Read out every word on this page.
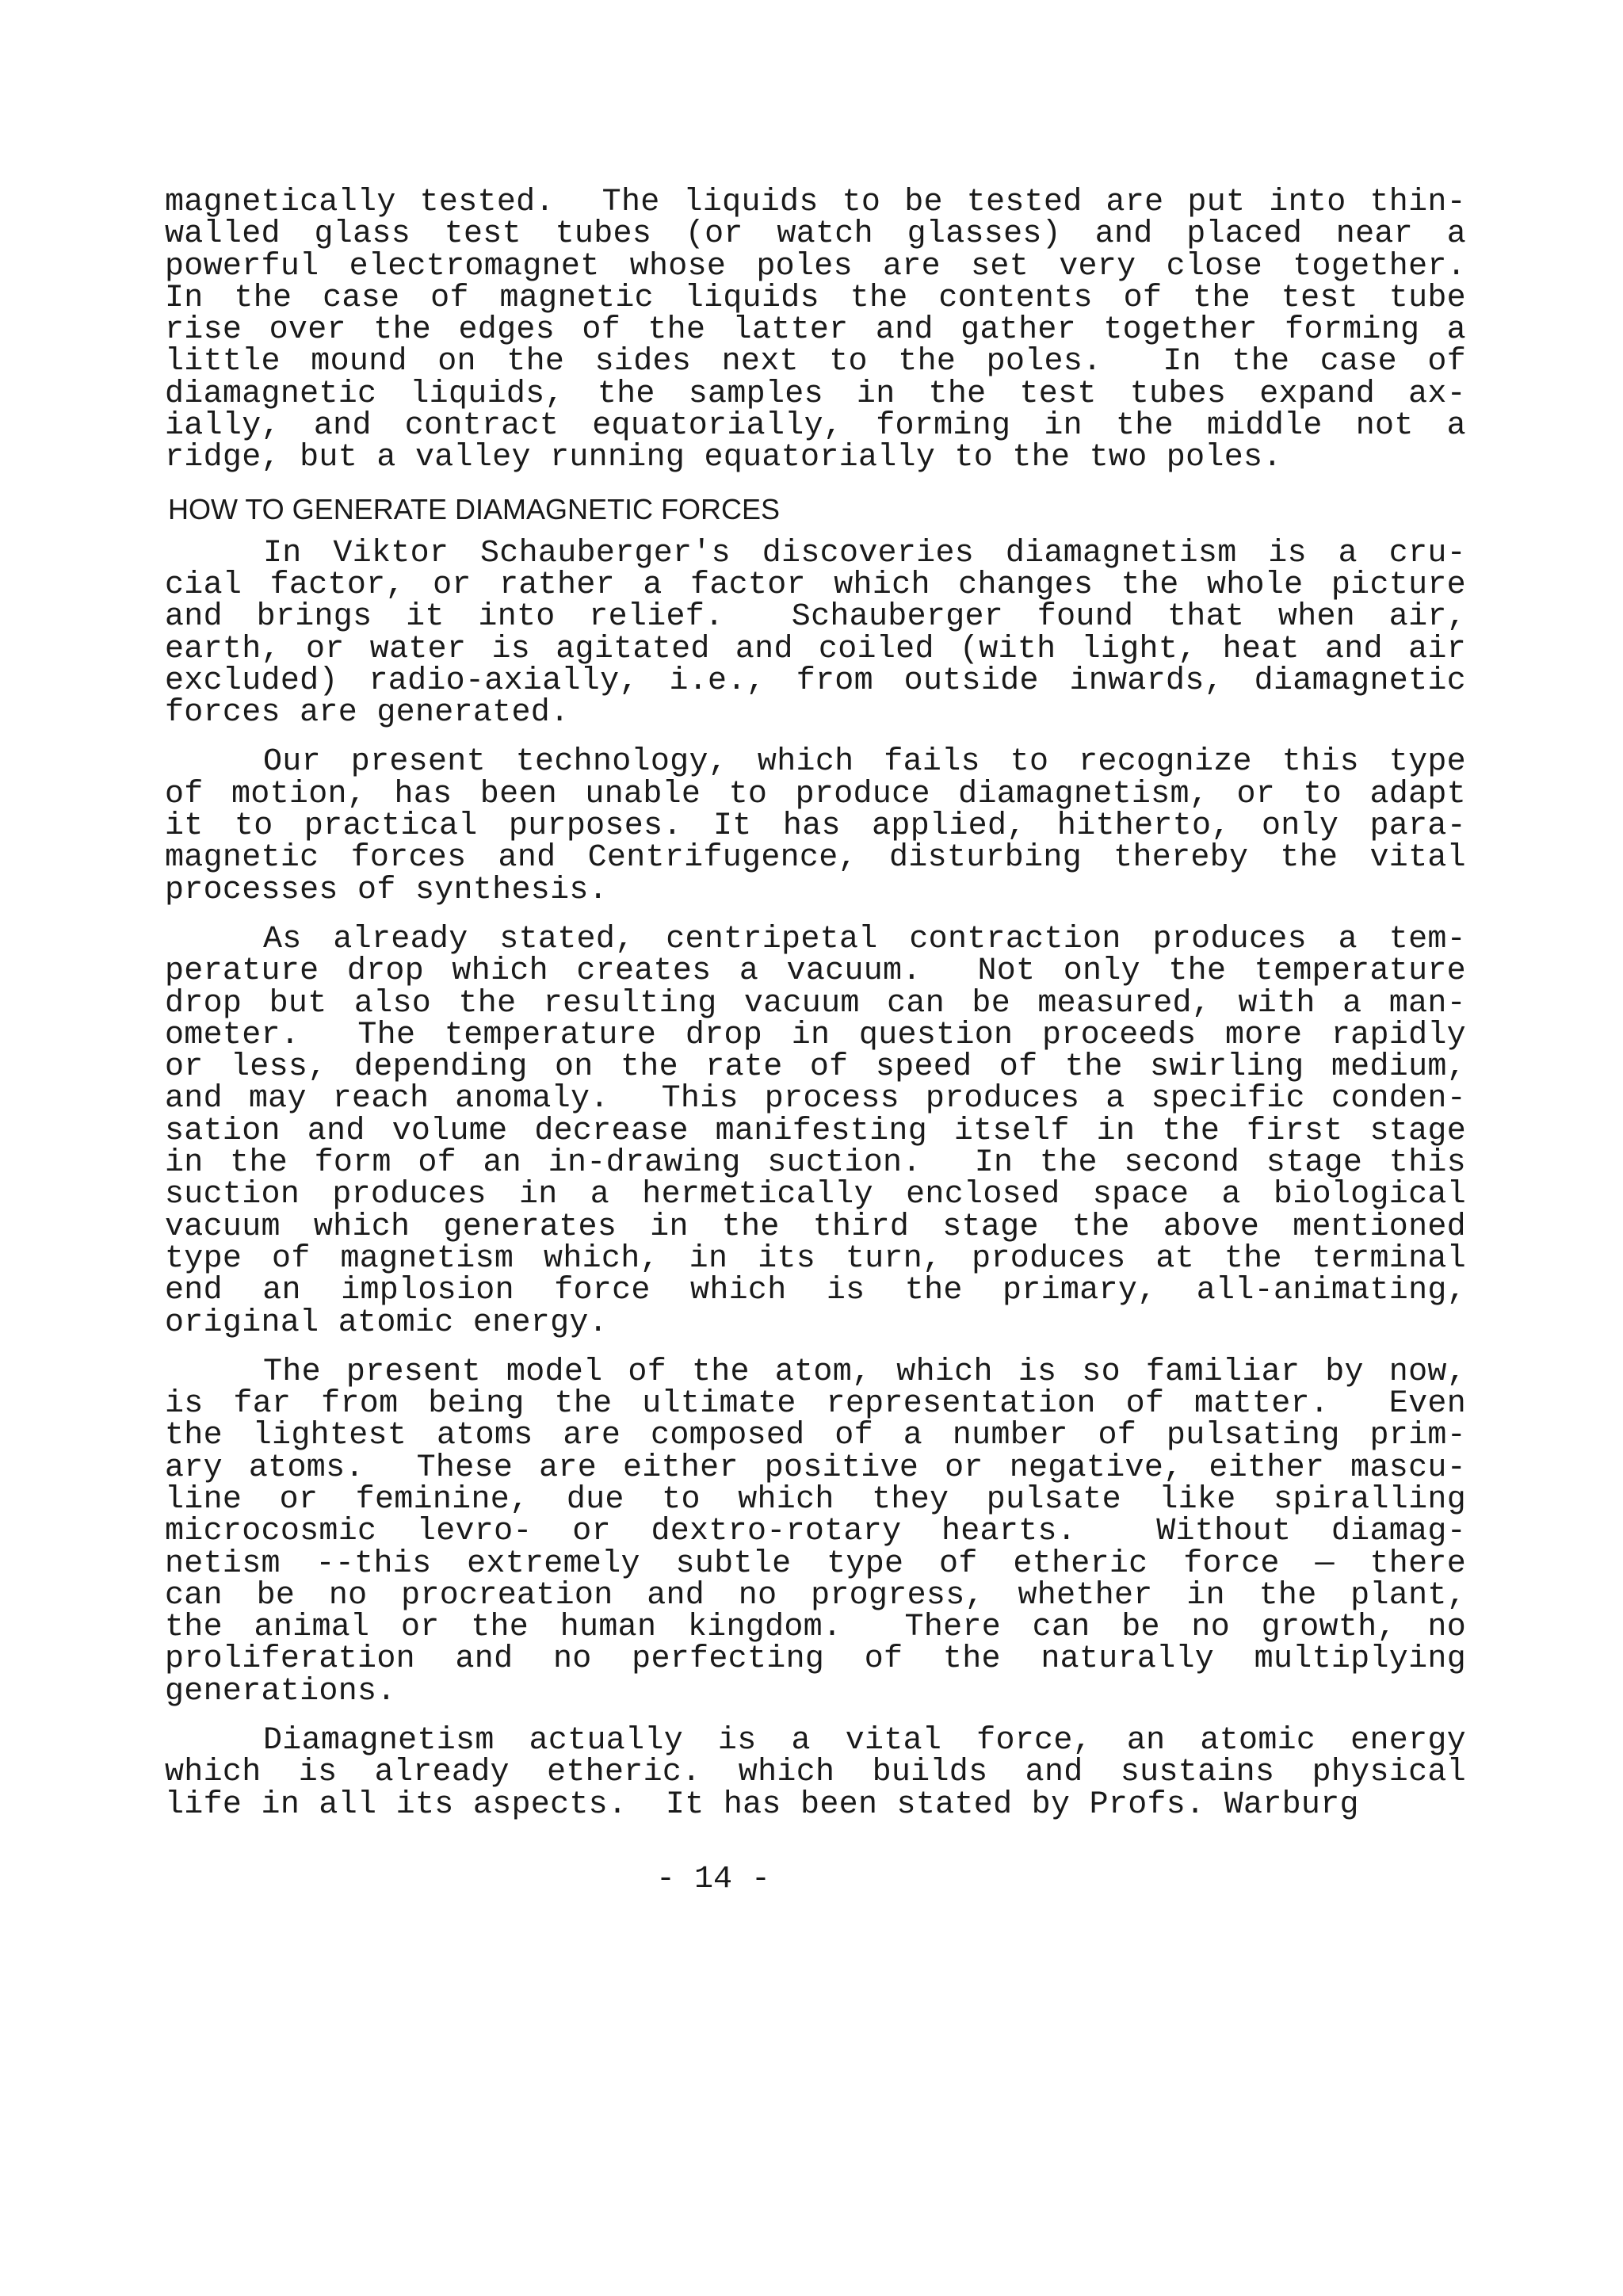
magnetically tested.  The liquids to be tested are put into thin-
walled glass test tubes (or watch glasses) and placed near a
powerful electromagnet whose poles are set very close together.
In the case of magnetic liquids the contents of the test tube
rise over the edges of the latter and gather together forming a
little mound on the sides next to the poles.  In the case of
diamagnetic liquids, the samples in the test tubes expand ax-
ially, and contract equatorially, forming in the middle not a
ridge, but a valley running equatorially to the two poles.
HOW TO GENERATE DIAMAGNETIC FORCES
In Viktor Schauberger's discoveries diamagnetism is a cru-
cial factor, or rather a factor which changes the whole picture
and brings it into relief.  Schauberger found that when air,
earth, or water is agitated and coiled (with light, heat and air
excluded) radio-axially, i.e., from outside inwards, diamagnetic
forces are generated.
Our present technology, which fails to recognize this type
of motion, has been unable to produce diamagnetism, or to adapt
it to practical purposes. It has applied, hitherto, only para-
magnetic forces and Centrifugence, disturbing thereby the vital
processes of synthesis.
As already stated, centripetal contraction produces a tem-
perature drop which creates a vacuum.  Not only the temperature
drop but also the resulting vacuum can be measured, with a man-
ometer.  The temperature drop in question proceeds more rapidly
or less, depending on the rate of speed of the swirling medium,
and may reach anomaly.  This process produces a specific conden-
sation and volume decrease manifesting itself in the first stage
in the form of an in-drawing suction.  In the second stage this
suction produces in a hermetically enclosed space a biological
vacuum which generates in the third stage the above mentioned
type of magnetism which, in its turn, produces at the terminal
end an implosion force which is the primary, all-animating,
original atomic energy.
The present model of the atom, which is so familiar by now,
is far from being the ultimate representation of matter.  Even
the lightest atoms are composed of a number of pulsating prim-
ary atoms.  These are either positive or negative, either mascu-
line or feminine, due to which they pulsate like spiralling
microcosmic levro- or dextro-rotary hearts.  Without diamag-
netism --this extremely subtle type of etheric force — there
can be no procreation and no progress, whether in the plant,
the animal or the human kingdom.  There can be no growth, no
proliferation and no perfecting of the naturally multiplying
generations.
Diamagnetism actually is a vital force, an atomic energy
which is already etheric. which builds and sustains physical
life in all its aspects.  It has been stated by Profs. Warburg
- 14 -
